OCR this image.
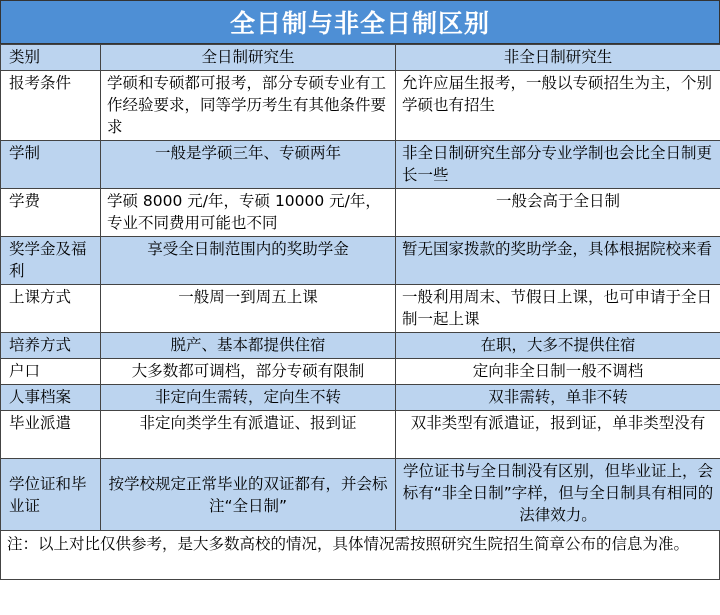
全日制与非全日制区别
类别	全日制研究生	非全日制研究生
报考条件	学硕和专硕都可报考，部分专硕专业有工作经验要求，同等学历考生有其他条件要求	允许应届生报考，一般以专硕招生为主，个别学硕也有招生
学制	一般是学硕三年、专硕两年	非全日制研究生部分专业学制也会比全日制更长一些
学费	学硕 8000 元/年，专硕 10000 元/年，专业不同费用可能也不同	一般会高于全日制
奖学金及福利	享受全日制范围内的奖助学金	暂无国家拨款的奖助学金，具体根据院校来看
上课方式	一般周一到周五上课	一般利用周末、节假日上课，也可申请于全日制一起上课
培养方式	脱产、基本都提供住宿	在职，大多不提供住宿
户口	大多数都可调档，部分专硕有限制	定向非全日制一般不调档
人事档案	非定向生需转，定向生不转	双非需转，单非不转
毕业派遣	非定向类学生有派遣证、报到证	双非类型有派遣证，报到证，单非类型没有
学位证和毕业证	按学校规定正常毕业的双证都有，并会标注“全日制”	学位证书与全日制没有区别，但毕业证上，会标有“非全日制”字样，但与全日制具有相同的法律效力。
注：以上对比仅供参考，是大多数高校的情况，具体情况需按照研究生院招生简章公布的信息为准。
